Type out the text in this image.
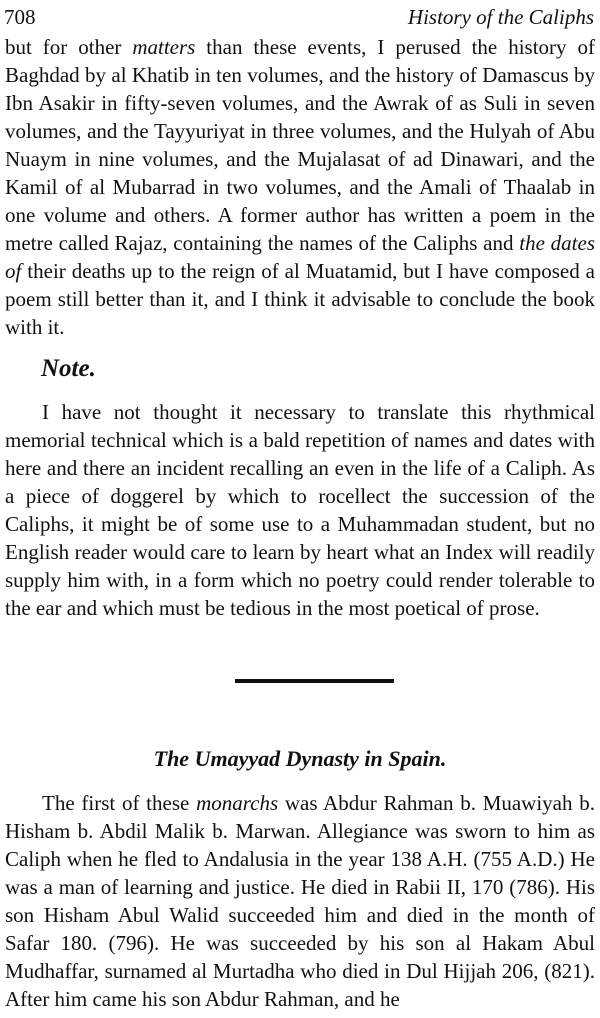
708	History of the Caliphs

but for other matters than these events, I perused the history of Baghdad by al Khatib in ten volumes, and the history of Damascus by Ibn Asakir in fifty-seven volumes, and the Awrak of as Suli in seven volumes, and the Tayyuriyat in three volumes, and the Hulyah of Abu Nuaym in nine volumes, and the Mujalasat of ad Dinawari, and the Kamil of al Mubarrad in two volumes, and the Amali of Thaalab in one volume and others. A former author has written a poem in the metre called Rajaz, containing the names of the Caliphs and the dates of their deaths up to the reign of al Muatamid, but I have composed a poem still better than it, and I think it advisable to conclude the book with it.

Note.

I have not thought it necessary to translate this rhythmical memorial technical which is a bald repetition of names and dates with here and there an incident recalling an even in the life of a Caliph. As a piece of doggerel by which to rocellect the succession of the Caliphs, it might be of some use to a Muhammadan student, but no English reader would care to learn by heart what an Index will readily supply him with, in a form which no poetry could render tolerable to the ear and which must be tedious in the most poetical of prose.

The Umayyad Dynasty in Spain.

The first of these monarchs was Abdur Rahman b. Muawiyah b. Hisham b. Abdil Malik b. Marwan. Allegiance was sworn to him as Caliph when he fled to Andalusia in the year 138 A.H. (755 A.D.) He was a man of learning and justice. He died in Rabii II, 170 (786). His son Hisham Abul Walid succeeded him and died in the month of Safar 180. (796). He was succeeded by his son al Hakam Abul Mudhaffar, surnamed al Murtadha who died in Dul Hijjah 206, (821). After him came his son Abdur Rahman, and he
